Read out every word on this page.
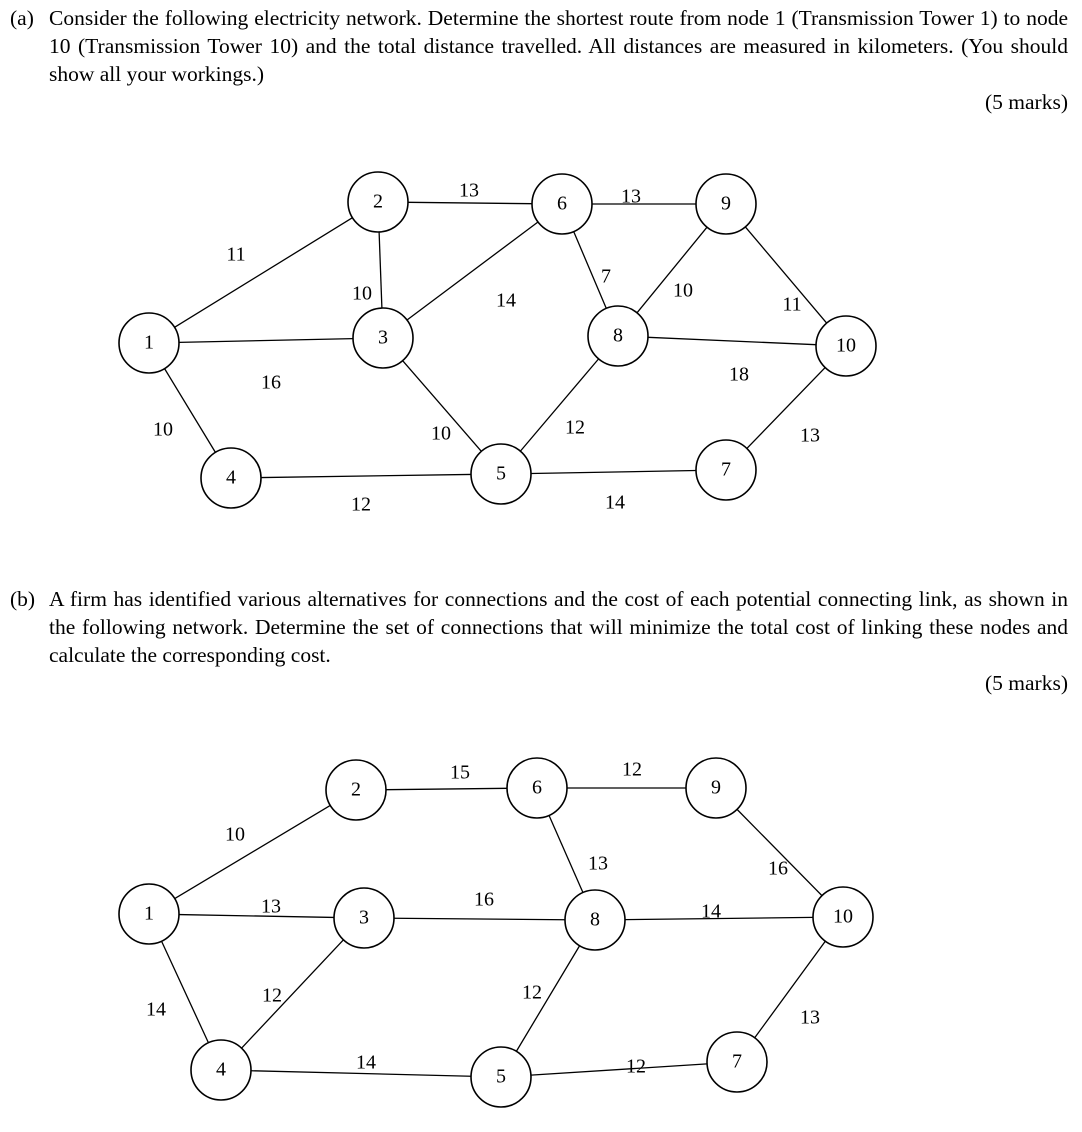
(a) Consider the following electricity network. Determine the shortest route from node 1 (Transmission Tower 1) to node 10 (Transmission Tower 10) and the total distance travelled. All distances are measured in kilometers. (You should show all your workings.)
(5 marks)
11
16
10
10
13
14
10
12
7
13
12
14
10
18
11
13
1
2
3
4	5
6
7
8
9
10
(b) A firm has identified various alternatives for connections and the cost of each potential connecting link, as shown in the following network. Determine the set of connections that will minimize the total cost of linking these nodes and calculate the corresponding cost.
(5 marks)
10
13
14
15
12
16
14
12
13
12
12
14
16
13
1
2
3
4	5
6
7
8
9
10
